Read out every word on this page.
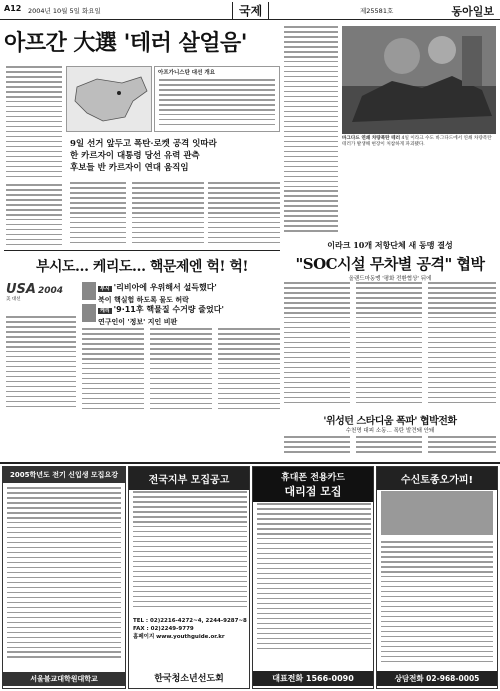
A12 2004년 10월 5일 화요일	국제	제25581호	동아일보
아프간 大選 '테러 살얼음'
아프가니스탄 대선 개요
9일 선거 앞두고 폭탄·로켓 공격 잇따라
한 카르자이 대통령 당선 유력 관측
후보들 반 카르자이 연대 움직임
바그다드 연쇄 차량폭탄 테러 4일 이라크 수도 바그다드에서 연쇄 차량폭탄 테러가 발생해 현장이 처참하게 파괴됐다.
이라크 10개 저항단체 새 동맹 결성
"SOC시설 무차별 공격" 협박
올랜드마동맹 '평화 전환협상' 뒤에
부시도… 케리도… 핵문제엔 헉! 헉!
USA 2004
美 대선
부시 '리비아에 우위해서 설득했다'
북이 핵실험 하도록 물도 허락
케리 '9·11후 핵물질 수거량 줄었다'
연구인이 '정보' 지인 비판
'위성턴 스타디움 폭파' 협박전화
수천명 대피 소동… 폭탄 발견돼 안돼
2005학년도 전기 신입생 모집요강
서울불교대학원대학교
전국지부 모집공고
TEL : 02)2216-4272~4, 2244-9287~8
FAX : 02)2249-9779
홈페이지 www.youthguide.or.kr
한국청소년선도회
휴대폰 전용카드
대리점 모집
대표전화 1566-0090
수신토종오가피!
상담전화 02-968-0005
